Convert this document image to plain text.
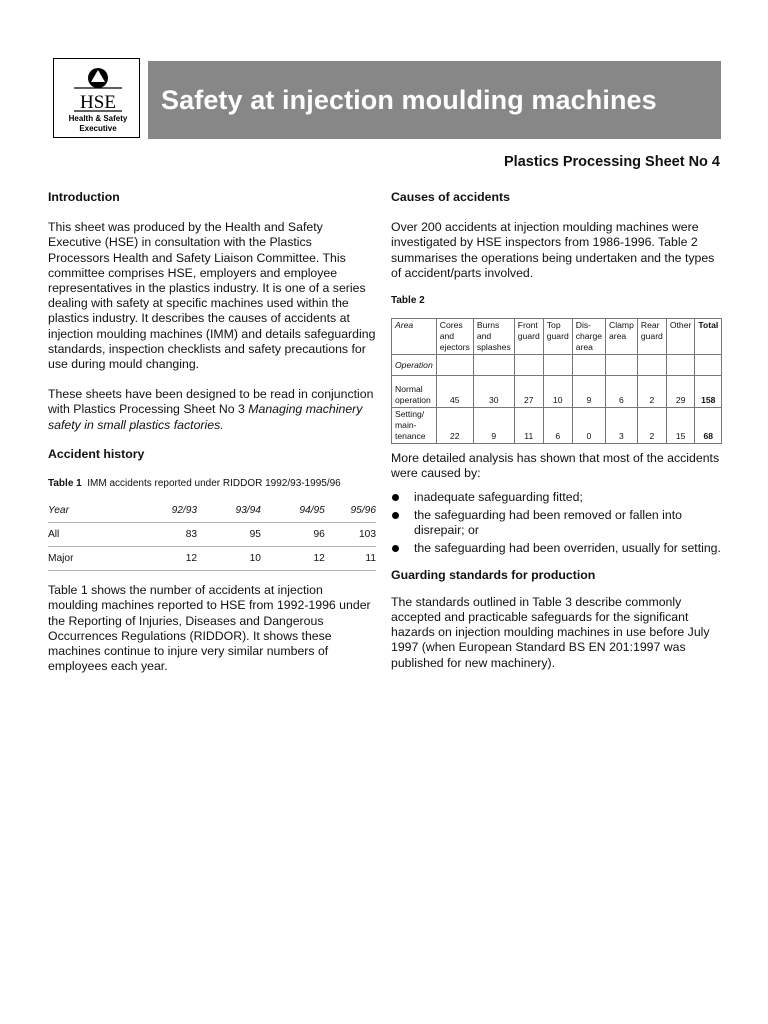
HSE
Health & Safety
Executive
Safety at injection moulding machines
Plastics Processing Sheet No 4

Introduction

This sheet was produced by the Health and Safety Executive (HSE) in consultation with the Plastics Processors Health and Safety Liaison Committee. This committee comprises HSE, employers and employee representatives in the plastics industry. It is one of a series dealing with safety at specific machines used within the plastics industry. It describes the causes of accidents at injection moulding machines (IMM) and details safeguarding standards, inspection checklists and safety precautions for use during mould changing.

These sheets have been designed to be read in conjunction with Plastics Processing Sheet No 3 Managing machinery safety in small plastics factories.

Accident history

Table 1 IMM accidents reported under RIDDOR 1992/93-1995/96

Year	92/93	93/94	94/95	95/96
All	83	95	96	103
Major	12	10	12	11

Table 1 shows the number of accidents at injection moulding machines reported to HSE from 1992-1996 under the Reporting of Injuries, Diseases and Dangerous Occurrences Regulations (RIDDOR). It shows these machines continue to injure very similar numbers of employees each year.

Causes of accidents

Over 200 accidents at injection moulding machines were investigated by HSE inspectors from 1986-1996. Table 2 summarises the operations being undertaken and the types of accident/parts involved.

Table 2

Area	Cores
and
ejectors	Burns
and
splashes	Front
guard	Top
guard	Dis-
charge
area	Clamp
area	Rear
guard	Other	Total
Operation									
Normal
operation	45	30	27	10	9	6	2	29	158
Setting/
main-
tenance	22	9	11	6	0	3	2	15	68

More detailed analysis has shown that most of the accidents were caused by:

inadequate safeguarding fitted;
the safeguarding had been removed or fallen into disrepair; or
the safeguarding had been overriden, usually for setting.

Guarding standards for production

The standards outlined in Table 3 describe commonly accepted and practicable safeguards for the significant hazards on injection moulding machines in use before July 1997 (when European Standard BS EN 201:1997 was published for new machinery).
